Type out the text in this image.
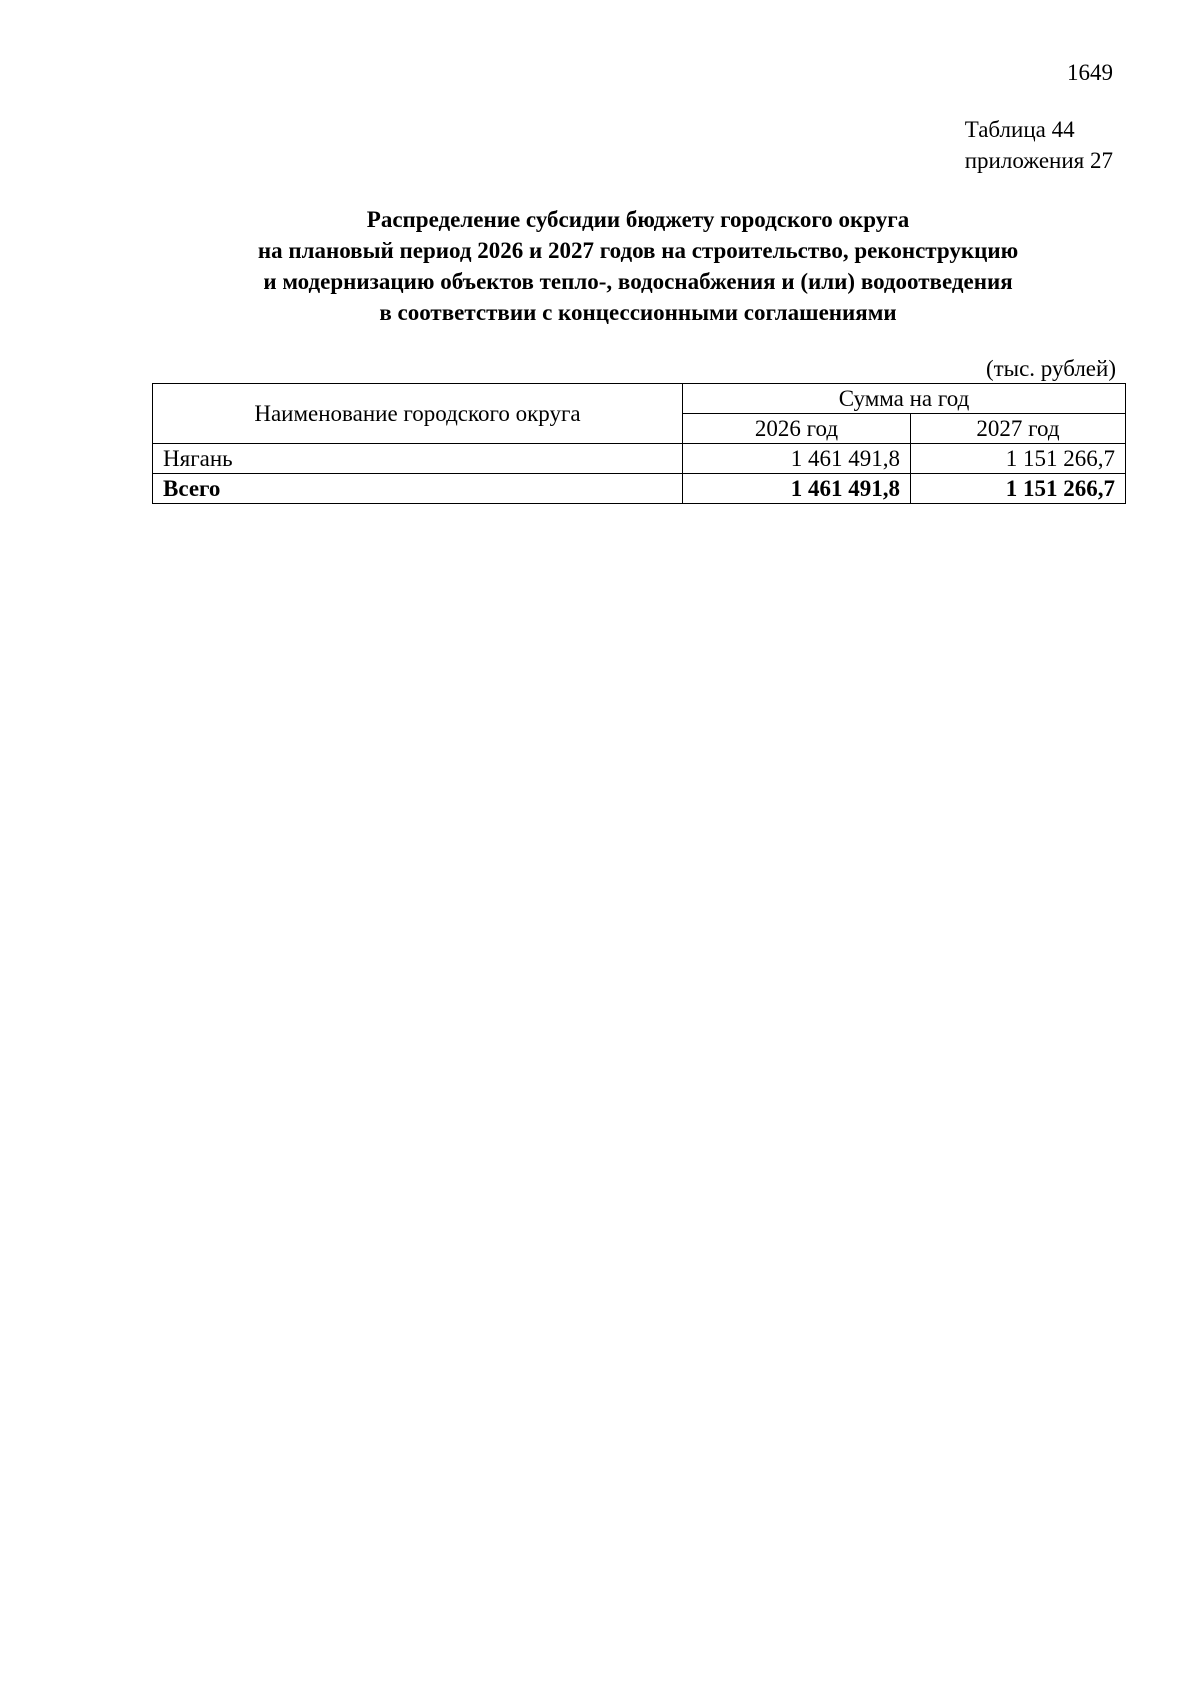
1649
Таблица 44
приложения 27
Распределение субсидии бюджету городского округа
на плановый период 2026 и 2027 годов на строительство, реконструкцию
и модернизацию объектов тепло-, водоснабжения и (или) водоотведения
в соответствии с концессионными соглашениями
(тыс. рублей)
Наименование городского округа	Сумма на год	
	2026 год	2027 год
Нягань	1 461 491,8	1 151 266,7
Всего	1 461 491,8	1 151 266,7
